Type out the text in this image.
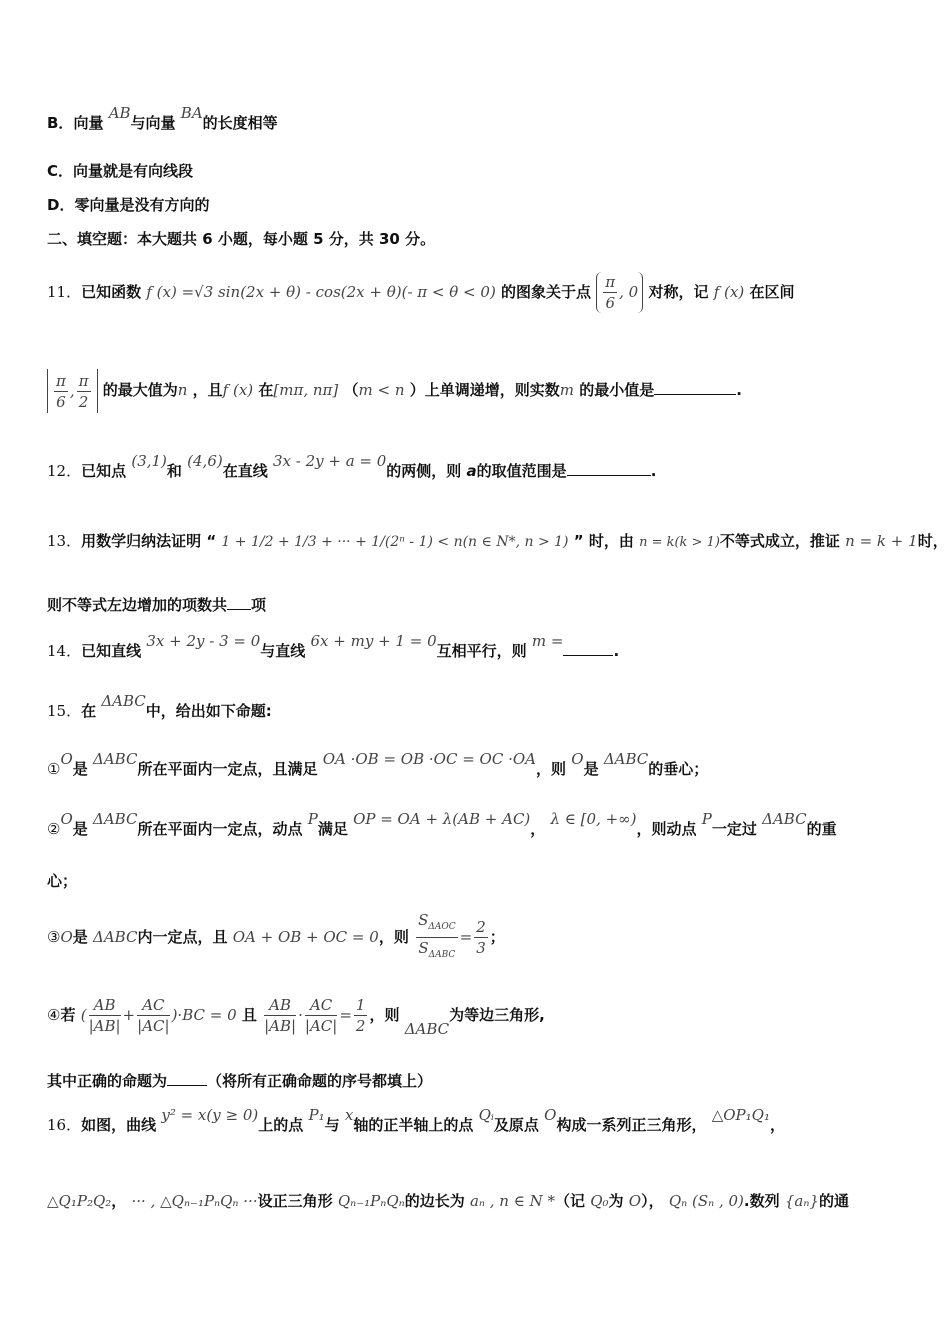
B．向量 AB与向量 BA的长度相等
C．向量就是有向线段
D．零向量是没有方向的
二、填空题：本大题共 6 小题，每小题 5 分，共 30 分。
11．已知函数 f (x) =√3 sin(2x + θ) - cos(2x + θ)(- π < θ < 0) 的图象关于点 $\frac{\pi}{6}$ , 0 对称，记 f (x) 在区间
$\frac{\pi}{6}$ , $\frac{\pi}{2}$ 的最大值为n ，且f (x) 在[mπ, nπ] （m < n ）上单调递增，则实数m 的最小值是	.
12．已知点 (3,1)和 (4,6)在直线 3x - 2y + a = 0的两侧，则 a的取值范围是	.
13．用数学归纳法证明 “ 1 + 1/2 + 1/3 + ··· + 1/(2ⁿ - 1) < n(n ∈ N*, n > 1) ” 时，由 n = k(k > 1)不等式成立，推证 n = k + 1时，
则不等式左边增加的项数共 项
14．已知直线 3x + 2y - 3 = 0与直线 6x + my + 1 = 0互相平行，则 m =.
15．在 ΔABC中，给出如下命题:
①O是 ΔABC所在平面内一定点，且满足 OA ·OB = OB ·OC = OC ·OA，则 O是 ΔABC的垂心；
②O是 ΔABC所在平面内一定点，动点 P满足 OP = OA + λ(AB + AC)， λ ∈ [0, +∞)，则动点 P一定过 ΔABC的重
心；
③O是 ΔABC内一定点，且 OA + OB + OC = 0，则 $\frac{S_{\Delta AOC}}{S_{\Delta ABC}} = \frac{2}{3}$ ；
④若 ( $\frac{AB}{|AB|} + \frac{AC}{|AC|} )\cdot BC = 0$ 且 $\frac{AB}{|AB|} \cdot \frac{AC}{|AC|} = \frac{1}{2}$ ，则 ΔABC为等边三角形,
其中正确的命题为	（将所有正确命题的序号都填上）
16．如图，曲线 y² = x(y ≥ 0)上的点 P₁与 x轴的正半轴上的点 Qᵢ及原点 O构成一系列正三角形， △OP₁Q₁，
△Q₁P₂Q₂， ··· , △Qₙ₋₁PₙQₙ ···设正三角形 Qₙ₋₁PₙQₙ的边长为 aₙ , n ∈ N *（记 Q₀为 O）， Qₙ (Sₙ , 0).数列 {aₙ}的通
